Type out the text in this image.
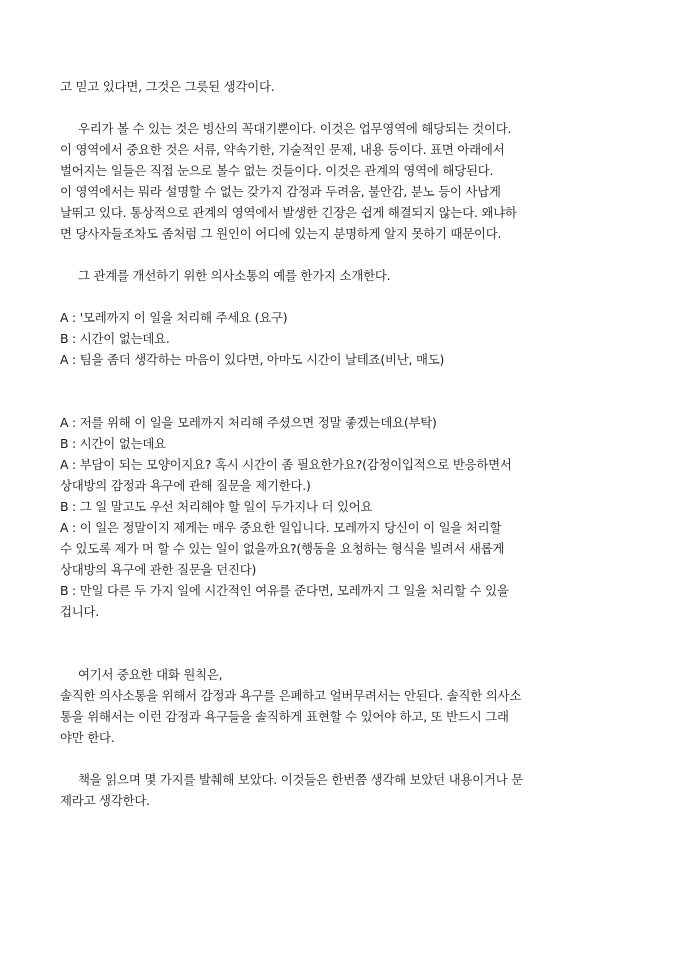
고 믿고 있다면, 그것은 그릇된 생각이다.
우리가 볼 수 있는 것은 빙산의 꼭대기뿐이다. 이것은 업무영역에 해당되는 것이다.
이 영역에서 중요한 것은 서류, 약속기한, 기술적인 문제, 내용 등이다. 표면 아래에서
벌어지는 일들은 직접 눈으로 볼수 없는 것들이다. 이것은 관계의 영역에 해당된다.
이 영역에서는 뭐라 설명할 수 없는 갖가지 감정과 두려움, 불안감, 분노 등이 사납게
날뛰고 있다. 통상적으로 관계의 영역에서 발생한 긴장은 쉽게 해결되지 않는다. 왜냐하
면 당사자들조차도 좀처럼 그 원인이 어디에 있는지 분명하게 알지 못하기 때문이다.
그 관계를 개선하기 위한 의사소통의 예를 한가지 소개한다.
A : '모레까지 이 일을 처리해 주세요 (요구)
B : 시간이 없는데요.
A : 팀을 좀더 생각하는 마음이 있다면, 아마도 시간이 날테죠(비난, 매도)
A : 저를 위해 이 일을 모레까지 처리해 주셨으면 정말 좋겠는데요(부탁)
B : 시간이 없는데요
A : 부담이 되는 모양이지요? 혹시 시간이 좀 필요한가요?(감정이입적으로 반응하면서
상대방의 감정과 욕구에 관해 질문을 제기한다.)
B : 그 일 말고도 우선 처리해야 할 일이 두가지나 더 있어요
A : 이 일은 정말이지 제게는 매우 중요한 일입니다. 모레까지 당신이 이 일을 처리할
수 있도록 제가 머 할 수 있는 일이 없을까요?(행동을 요청하는 형식을 빌려서 새롭게
상대방의 욕구에 관한 질문을 던진다)
B : 만일 다른 두 가지 일에 시간적인 여유를 준다면, 모레까지 그 일을 처리할 수 있을
겁니다.
여기서 중요한 대화 원칙은,
솔직한 의사소통을 위해서 감정과 욕구를 은폐하고 얼버무려서는 안된다. 솔직한 의사소
통을 위해서는 이런 감정과 욕구들을 솔직하게 표현할 수 있어야 하고, 또 반드시 그래
야만 한다.
책을 읽으며 몇 가지를 발췌해 보았다. 이것들은 한번쯤 생각해 보았던 내용이거나 문
제라고 생각한다.
